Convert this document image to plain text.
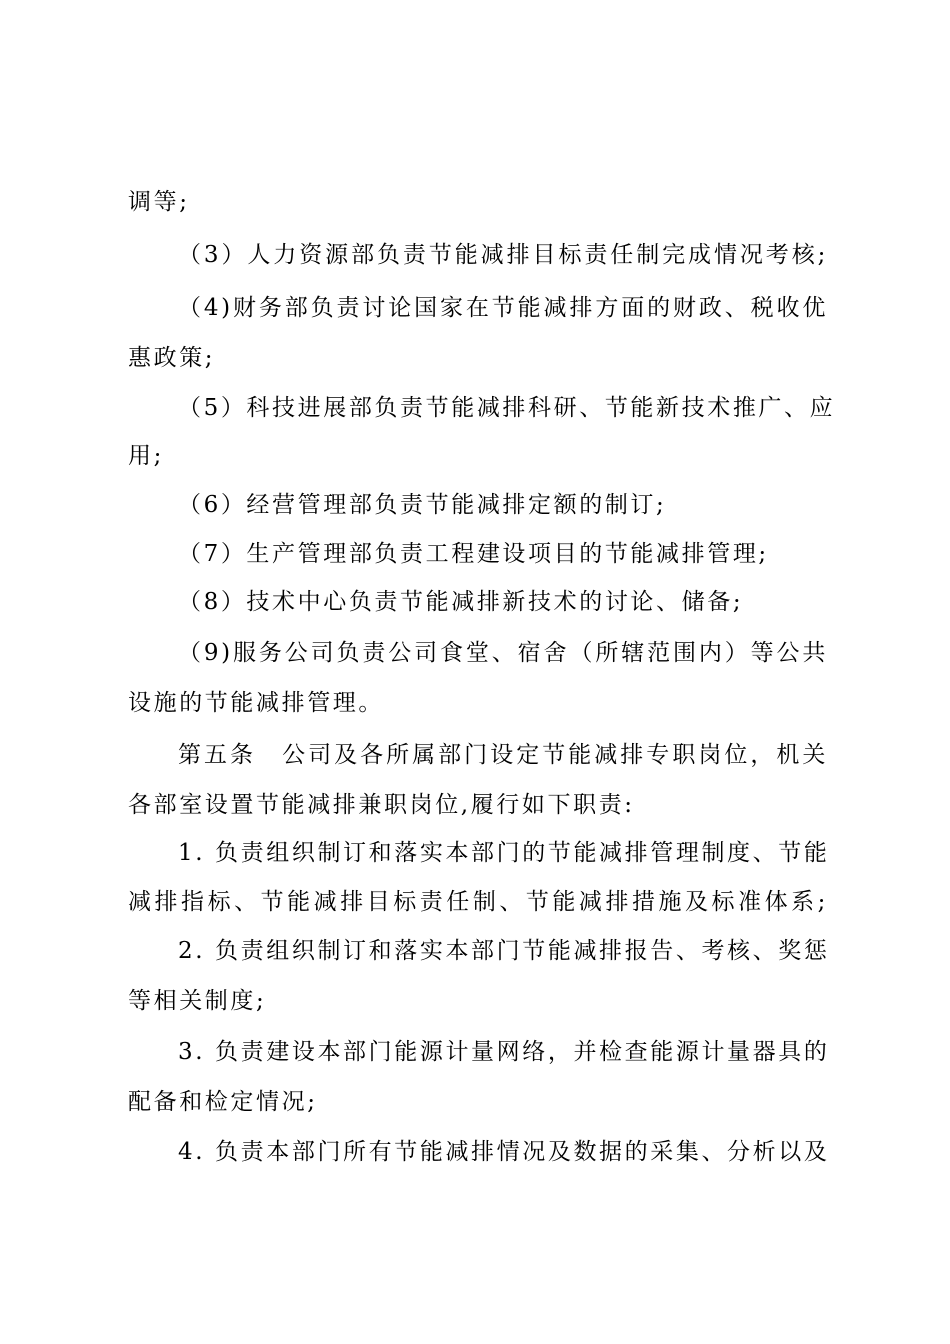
调等;
（3）人力资源部负责节能减排目标责任制完成情况考核;
（4)财务部负责讨论国家在节能减排方面的财政、税收优
惠政策;
（5）科技进展部负责节能减排科研、节能新技术推广、应
用;
（6）经营管理部负责节能减排定额的制订;
（7）生产管理部负责工程建设项目的节能减排管理;
（8）技术中心负责节能减排新技术的讨论、储备;
（9)服务公司负责公司食堂、宿舍（所辖范围内）等公共
设施的节能减排管理。
第五条　公司及各所属部门设定节能减排专职岗位，机关
各部室设置节能减排兼职岗位,履行如下职责:
1. 负责组织制订和落实本部门的节能减排管理制度、节能
减排指标、节能减排目标责任制、节能减排措施及标准体系;
2. 负责组织制订和落实本部门节能减排报告、考核、奖惩
等相关制度;
3. 负责建设本部门能源计量网络，并检查能源计量器具的
配备和检定情况;
4. 负责本部门所有节能减排情况及数据的采集、分析以及
